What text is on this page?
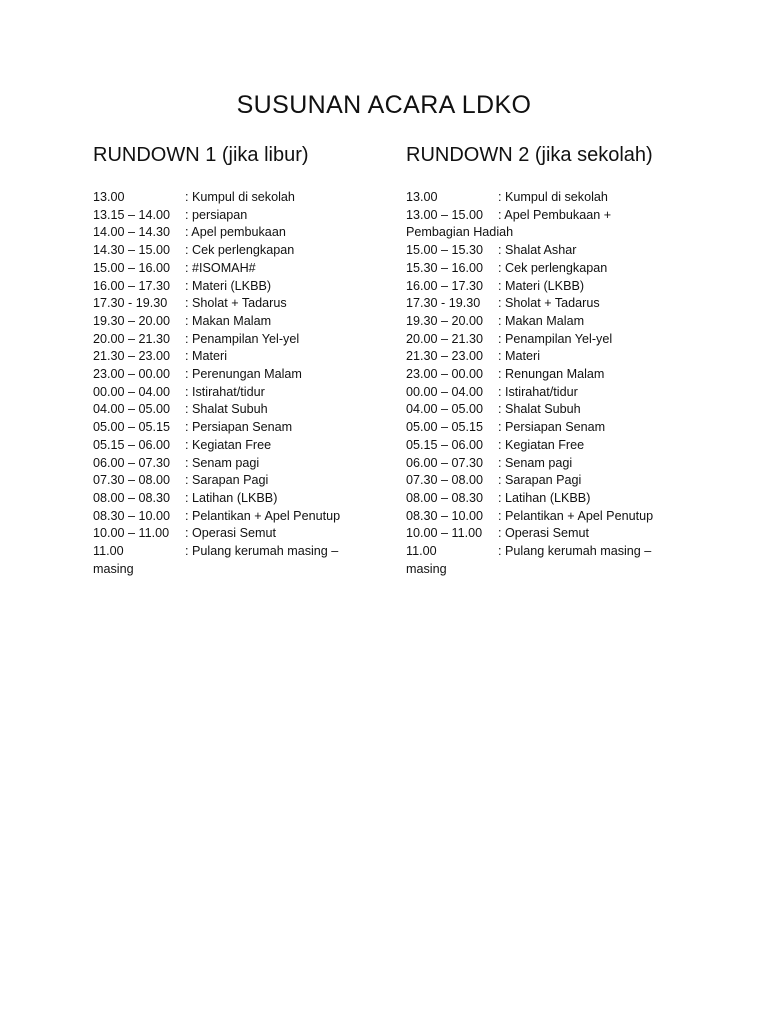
SUSUNAN ACARA LDKO
RUNDOWN 1 (jika libur)
13.00	: Kumpul di sekolah
13.15 – 14.00	: persiapan
14.00 – 14.30	: Apel pembukaan
14.30 – 15.00	: Cek perlengkapan
15.00 – 16.00	: #ISOMAH#
16.00 – 17.30	: Materi (LKBB)
17.30 - 19.30	: Sholat + Tadarus
19.30 – 20.00	: Makan Malam
20.00 – 21.30	: Penampilan Yel-yel
21.30 – 23.00	: Materi
23.00 – 00.00	: Perenungan Malam
00.00 – 04.00	: Istirahat/tidur
04.00 – 05.00	: Shalat Subuh
05.00 – 05.15	: Persiapan Senam
05.15 – 06.00	: Kegiatan Free
06.00 – 07.30	: Senam pagi
07.30 – 08.00	: Sarapan Pagi
08.00 – 08.30	: Latihan (LKBB)
08.30 – 10.00	: Pelantikan + Apel Penutup
10.00 – 11.00	: Operasi Semut
11.00	: Pulang kerumah masing –
masing
RUNDOWN 2 (jika sekolah)
13.00	: Kumpul di sekolah
13.00 – 15.00	: Apel Pembukaan +
Pembagian Hadiah
15.00 – 15.30	: Shalat Ashar
15.30 – 16.00	: Cek perlengkapan
16.00 – 17.30	: Materi (LKBB)
17.30 - 19.30	: Sholat + Tadarus
19.30 – 20.00	: Makan Malam
20.00 – 21.30	: Penampilan Yel-yel
21.30 – 23.00	: Materi
23.00 – 00.00	: Renungan Malam
00.00 – 04.00	: Istirahat/tidur
04.00 – 05.00	: Shalat Subuh
05.00 – 05.15	: Persiapan Senam
05.15 – 06.00	: Kegiatan Free
06.00 – 07.30	: Senam pagi
07.30 – 08.00	: Sarapan Pagi
08.00 – 08.30	: Latihan (LKBB)
08.30 – 10.00	: Pelantikan + Apel Penutup
10.00 – 11.00	: Operasi Semut
11.00	: Pulang kerumah masing –
masing
